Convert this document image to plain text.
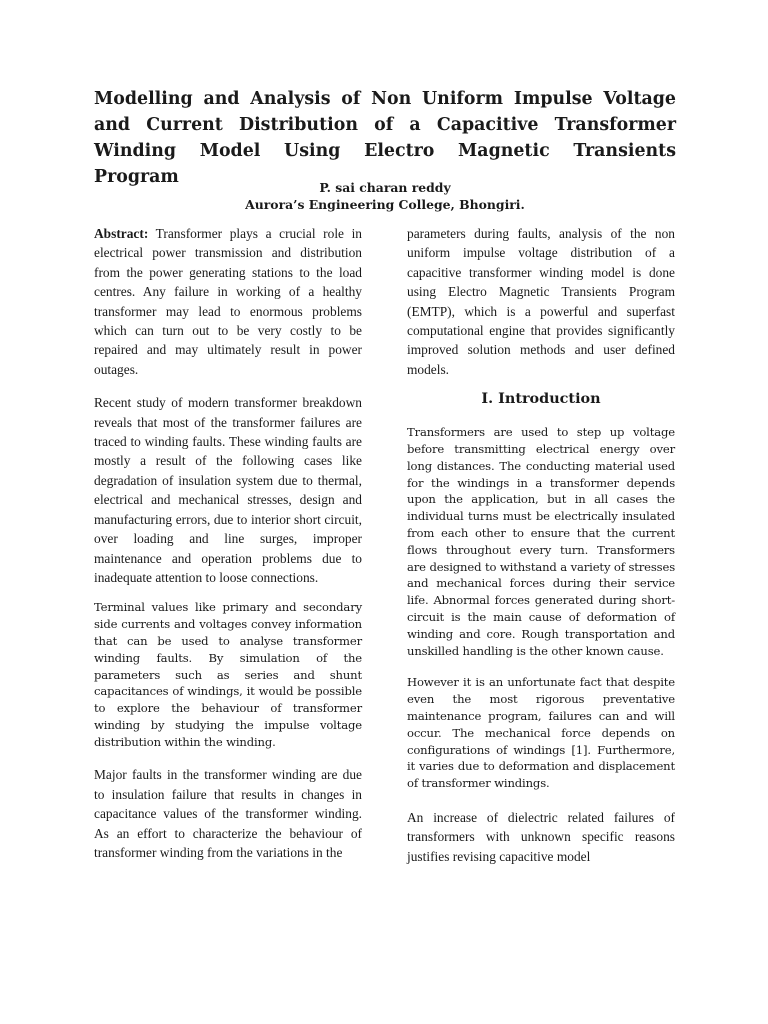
Modelling and Analysis of Non Uniform Impulse Voltage and Current Distribution of a Capacitive Transformer Winding Model Using Electro Magnetic Transients Program
P. sai charan reddy
Aurora’s Engineering College, Bhongiri.

Abstract: Transformer plays a crucial role in electrical power transmission and distribution from the power generating stations to the load centres. Any failure in working of a healthy transformer may lead to enormous problems which can turn out to be very costly to be repaired and may ultimately result in power outages.

Recent study of modern transformer breakdown reveals that most of the transformer failures are traced to winding faults. These winding faults are mostly a result of the following cases like degradation of insulation system due to thermal, electrical and mechanical stresses, design and manufacturing errors, due to interior short circuit, over loading and line surges, improper maintenance and operation problems due to inadequate attention to loose connections.

Terminal values like primary and secondary side currents and voltages convey information that can be used to analyse transformer winding faults. By simulation of the parameters such as series and shunt capacitances of windings, it would be possible to explore the behaviour of transformer winding by studying the impulse voltage distribution within the winding.

Major faults in the transformer winding are due to insulation failure that results in changes in capacitance values of the transformer winding. As an effort to characterize the behaviour of transformer winding from the variations in the

parameters during faults, analysis of the non uniform impulse voltage distribution of a capacitive transformer winding model is done using Electro Magnetic Transients Program (EMTP), which is a powerful and superfast computational engine that provides significantly improved solution methods and user defined models.

I. Introduction

Transformers are used to step up voltage before transmitting electrical energy over long distances. The conducting material used for the windings in a transformer depends upon the application, but in all cases the individual turns must be electrically insulated from each other to ensure that the current flows throughout every turn. Transformers are designed to withstand a variety of stresses and mechanical forces during their service life. Abnormal forces generated during short-circuit is the main cause of deformation of winding and core. Rough transportation and unskilled handling is the other known cause.

However it is an unfortunate fact that despite even the most rigorous preventative maintenance program, failures can and will occur. The mechanical force depends on configurations of windings [1]. Furthermore, it varies due to deformation and displacement of transformer windings.

An increase of dielectric related failures of transformers with unknown specific reasons justifies revising capacitive model
